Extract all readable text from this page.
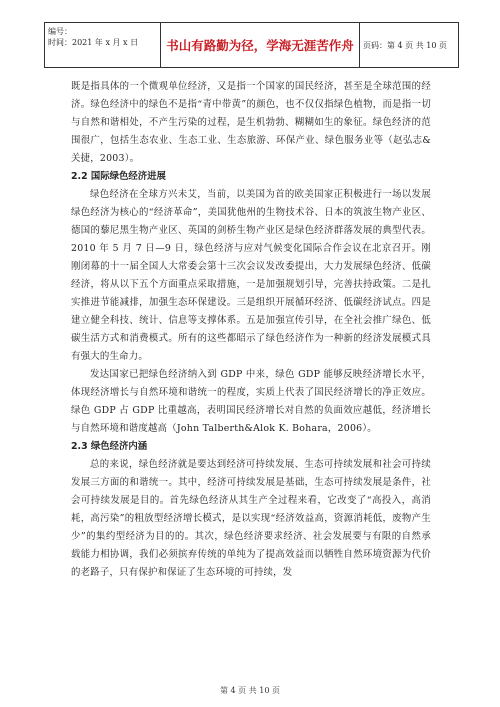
编号：
时间：2021 年 x 月 x 日	书山有路勤为径，学海无涯苦作舟	页码：第 4 页 共 10 页

既是指具体的一个微观单位经济，又是指一个国家的国民经济，甚至是全球范围的经济。绿色经济中的绿色不是指“青中带黄”的颜色，也不仅仅指绿色植物，而是指一切与自然和谐相处，不产生污染的过程，是生机勃勃、糊糊如生的象征。绿色经济的范围很广，包括生态农业、生态工业、生态旅游、环保产业、绿色服务业等（赵弘志&关捷，2003）。

2.2 国际绿色经济进展

绿色经济在全球方兴未艾，当前，以美国为首的欧美国家正积极进行一场以发展绿色经济为核心的“经济革命”，美国犹他州的生物技术谷、日本的筑波生物产业区、德国的藜尼黑生物产业区、英国的剑桥生物产业区是绿色经济群落发展的典型代表。2010 年 5 月 7 日—9 日，绿色经济与应对气候变化国际合作会议在北京召开。刚刚闭幕的十一届全国人大常委会第十三次会议发改委提出，大力发展绿色经济、低碳经济，将从以下五个方面重点采取措施，一是加强规划引导，完善扶持政策。二是扎实推进节能减排，加强生态环保建设。三是组织开展循环经济、低碳经济试点。四是建立健全科技、统计、信息等支撑体系。五是加强宣传引导，在全社会推广绿色、低碳生活方式和消费模式。所有的这些都昭示了绿色经济作为一种新的经济发展模式具有强大的生命力。

发达国家已把绿色经济纳入到 GDP 中来，绿色 GDP 能够反映经济增长水平，体现经济增长与自然环境和谐统一的程度，实质上代表了国民经济增长的净正效应。绿色 GDP 占 GDP 比重越高，表明国民经济增长对自然的负面效应越低，经济增长与自然环境和谐度越高（John Talberth&Alok K. Bohara，2006）。

2.3 绿色经济内涵

总的来说，绿色经济就是要达到经济可持续发展、生态可持续发展和社会可持续发展三方面的和谐统一。其中，经济可持续发展是基础，生态可持续发展是条件，社会可持续发展是目的。首先绿色经济从其生产全过程来看，它改变了“高投入，高消耗，高污染”的粗放型经济增长模式，是以实现“经济效益高，资源消耗低，废物产生少”的集约型经济为目的的。其次，绿色经济要求经济、社会发展要与有限的自然承载能力相协调，我们必须摈弃传统的单纯为了提高效益而以牺牲自然环境资源为代价的老路子，只有保护和保证了生态环境的可持续，发

第 4 页 共 10 页
